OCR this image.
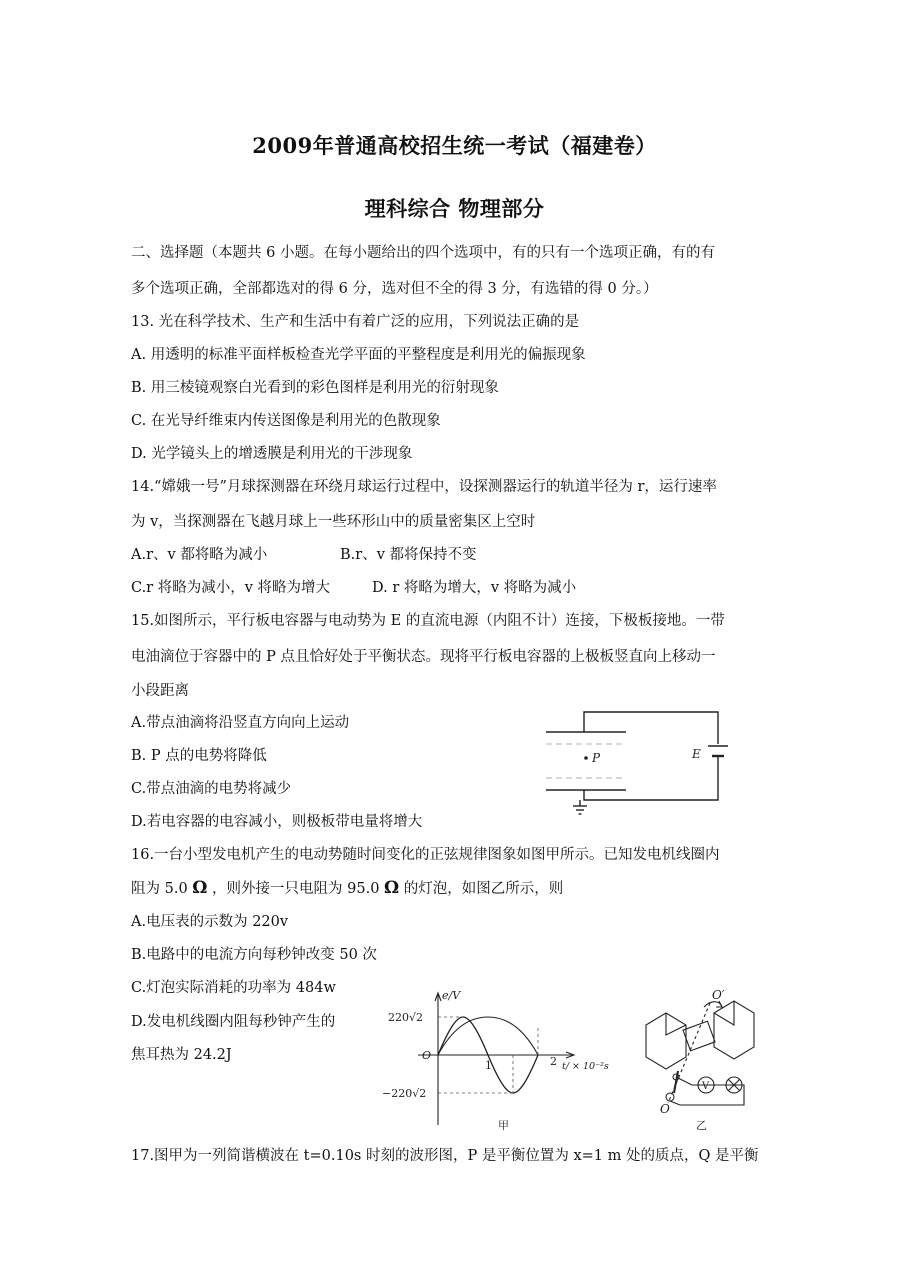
2009年普通高校招生统一考试（福建卷）
理科综合 物理部分
二、选择题（本题共 6 小题。在每小题给出的四个选项中，有的只有一个选项正确，有的有
多个选项正确，全部都选对的得 6 分，选对但不全的得 3 分，有选错的得 0 分。）
13. 光在科学技术、生产和生活中有着广泛的应用，下列说法正确的是
A. 用透明的标准平面样板检查光学平面的平整程度是利用光的偏振现象
B. 用三棱镜观察白光看到的彩色图样是利用光的衍射现象
C. 在光导纤维束内传送图像是利用光的色散现象
D. 光学镜头上的增透膜是利用光的干涉现象
14.“嫦娥一号”月球探测器在环绕月球运行过程中，设探测器运行的轨道半径为 r，运行速率
为 v，当探测器在飞越月球上一些环形山中的质量密集区上空时
A.r、v 都将略为减小	B.r、v 都将保持不变
C.r 将略为减小，v 将略为增大	D. r 将略为增大，v 将略为减小
15.如图所示，平行板电容器与电动势为 E 的直流电源（内阻不计）连接，下极板接地。一带
电油滴位于容器中的 P 点且恰好处于平衡状态。现将平行板电容器的上极板竖直向上移动一
小段距离
A.带点油滴将沿竖直方向向上运动
B. P 点的电势将降低
C.带点油滴的电势将减少
D.若电容器的电容减小，则极板带电量将增大
P	E
16.一台小型发电机产生的电动势随时间变化的正弦规律图象如图甲所示。已知发电机线圈内
阻为 5.0 Ω ，则外接一只电阻为 95.0 Ω 的灯泡，如图乙所示，则
A.电压表的示数为 220v
B.电路中的电流方向每秒钟改变 50 次
C.灯泡实际消耗的功率为 484w
D.发电机线圈内阻每秒钟产生的
焦耳热为 24.2J
e/V
220√2
−220√2
O
1	2 t/ × 10⁻²s
甲
V
O′
O
乙
17.图甲为一列简谐横波在 t=0.10s 时刻的波形图，P 是平衡位置为 x=1 m 处的质点，Q 是平衡
